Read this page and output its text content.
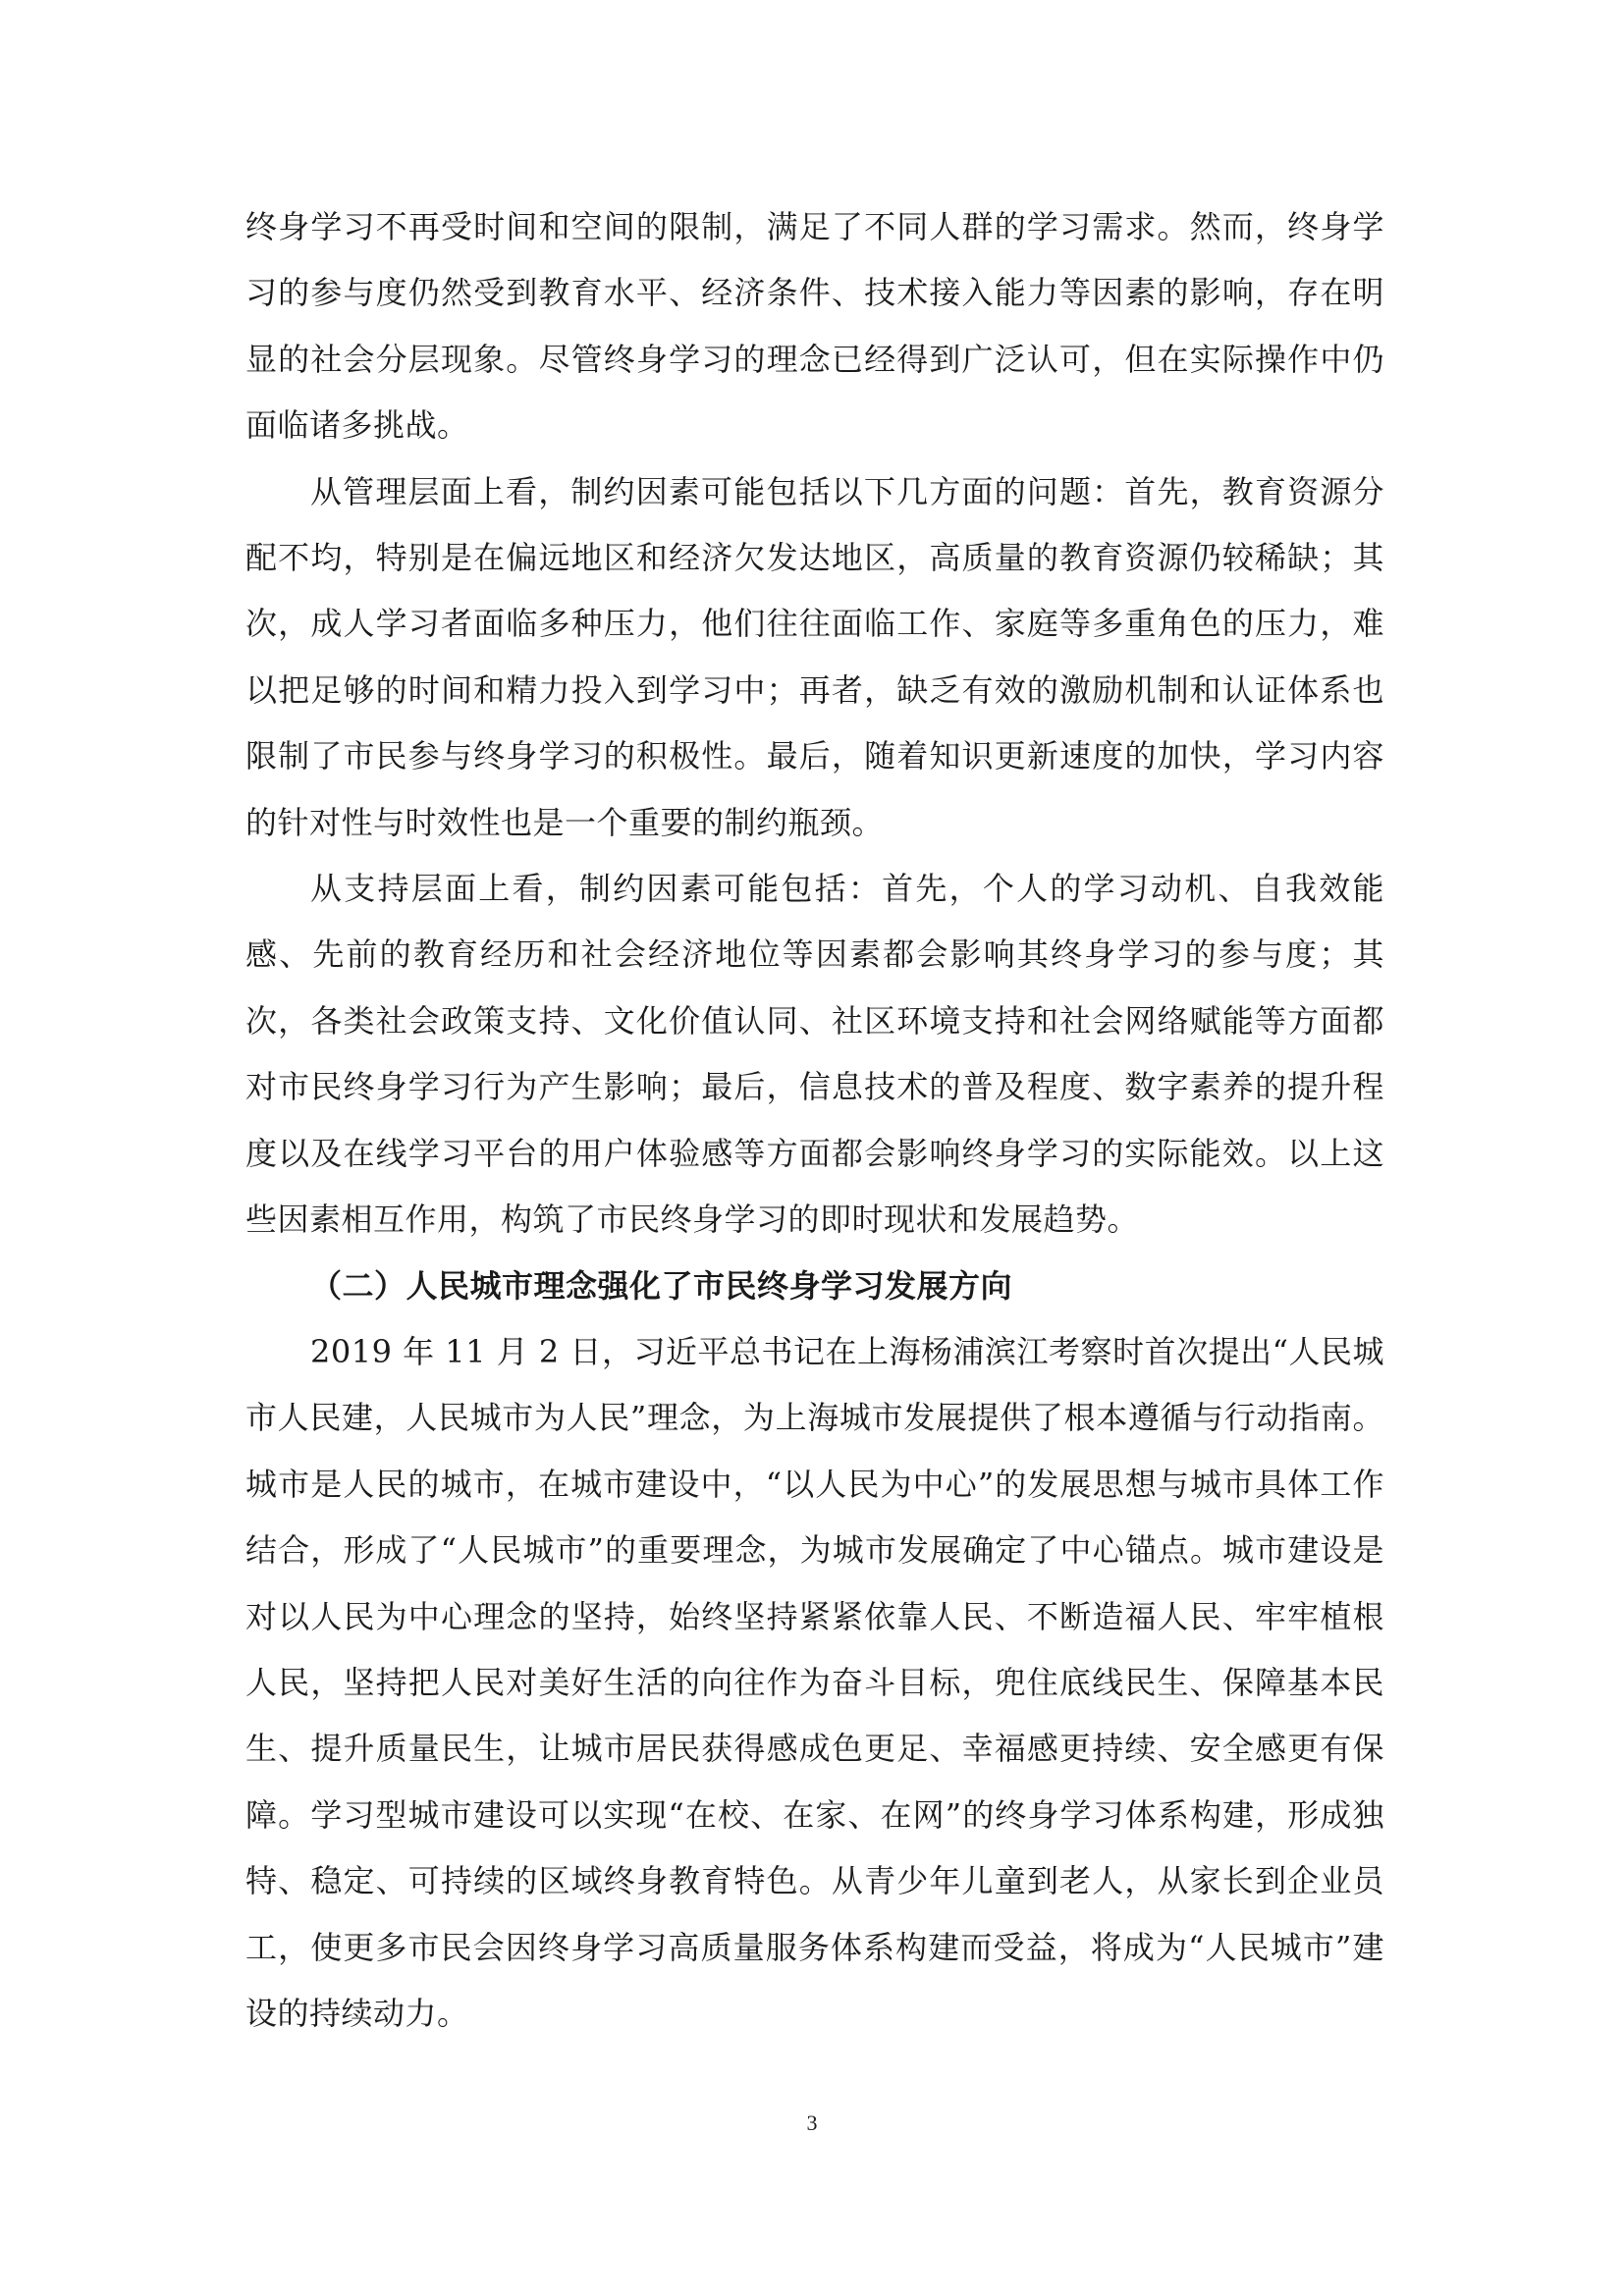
终身学习不再受时间和空间的限制，满足了不同人群的学习需求。然而，终身学习的参与度仍然受到教育水平、经济条件、技术接入能力等因素的影响，存在明显的社会分层现象。尽管终身学习的理念已经得到广泛认可，但在实际操作中仍面临诸多挑战。

从管理层面上看，制约因素可能包括以下几方面的问题：首先，教育资源分配不均，特别是在偏远地区和经济欠发达地区，高质量的教育资源仍较稀缺；其次，成人学习者面临多种压力，他们往往面临工作、家庭等多重角色的压力，难以把足够的时间和精力投入到学习中；再者，缺乏有效的激励机制和认证体系也限制了市民参与终身学习的积极性。最后，随着知识更新速度的加快，学习内容的针对性与时效性也是一个重要的制约瓶颈。

从支持层面上看，制约因素可能包括：首先，个人的学习动机、自我效能感、先前的教育经历和社会经济地位等因素都会影响其终身学习的参与度；其次，各类社会政策支持、文化价值认同、社区环境支持和社会网络赋能等方面都对市民终身学习行为产生影响；最后，信息技术的普及程度、数字素养的提升程度以及在线学习平台的用户体验感等方面都会影响终身学习的实际能效。以上这些因素相互作用，构筑了市民终身学习的即时现状和发展趋势。

（二）人民城市理念强化了市民终身学习发展方向

2019 年 11 月 2 日，习近平总书记在上海杨浦滨江考察时首次提出“人民城市人民建，人民城市为人民”理念，为上海城市发展提供了根本遵循与行动指南。城市是人民的城市，在城市建设中，“以人民为中心”的发展思想与城市具体工作结合，形成了“人民城市”的重要理念，为城市发展确定了中心锚点。城市建设是对以人民为中心理念的坚持，始终坚持紧紧依靠人民、不断造福人民、牢牢植根人民，坚持把人民对美好生活的向往作为奋斗目标，兜住底线民生、保障基本民生、提升质量民生，让城市居民获得感成色更足、幸福感更持续、安全感更有保障。学习型城市建设可以实现“在校、在家、在网”的终身学习体系构建，形成独特、稳定、可持续的区域终身教育特色。从青少年儿童到老人，从家长到企业员工，使更多市民会因终身学习高质量服务体系构建而受益，将成为“人民城市”建设的持续动力。

3
